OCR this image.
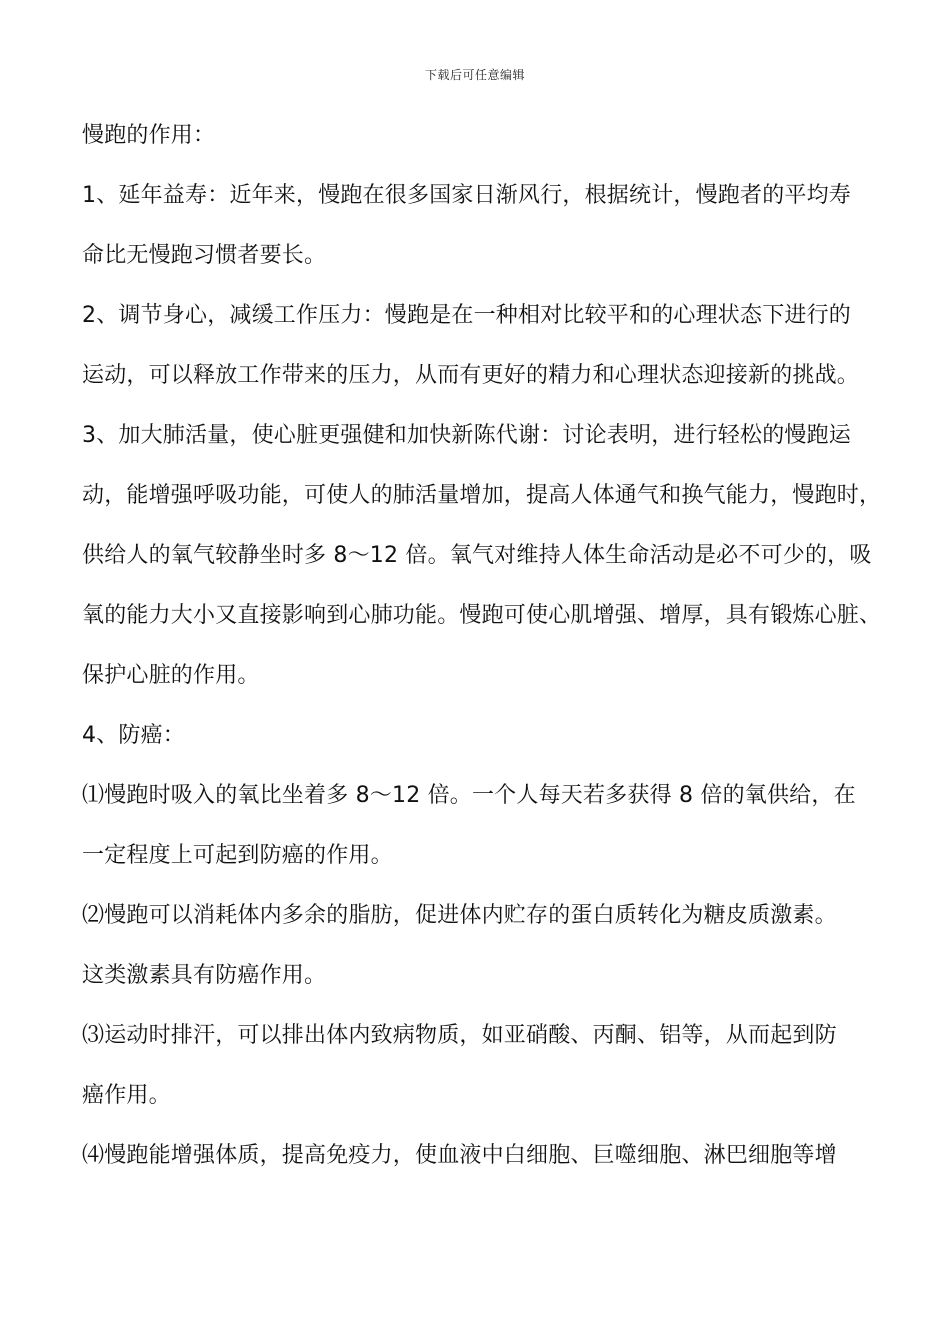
下载后可任意编辑
慢跑的作用：
1、延年益寿：近年来，慢跑在很多国家日渐风行，根据统计，慢跑者的平均寿
命比无慢跑习惯者要长。
2、调节身心，减缓工作压力：慢跑是在一种相对比较平和的心理状态下进行的
运动，可以释放工作带来的压力，从而有更好的精力和心理状态迎接新的挑战。
3、加大肺活量，使心脏更强健和加快新陈代谢：讨论表明，进行轻松的慢跑运
动，能增强呼吸功能，可使人的肺活量增加，提高人体通气和换气能力，慢跑时，
供给人的氧气较静坐时多 8～12 倍。氧气对维持人体生命活动是必不可少的，吸
氧的能力大小又直接影响到心肺功能。慢跑可使心肌增强、增厚，具有锻炼心脏、
保护心脏的作用。
4、防癌：
⑴慢跑时吸入的氧比坐着多 8～12 倍。一个人每天若多获得 8 倍的氧供给，在
一定程度上可起到防癌的作用。
⑵慢跑可以消耗体内多余的脂肪，促进体内贮存的蛋白质转化为糖皮质激素。
这类激素具有防癌作用。
⑶运动时排汗，可以排出体内致病物质，如亚硝酸、丙酮、铝等，从而起到防
癌作用。
⑷慢跑能增强体质，提高免疫力，使血液中白细胞、巨噬细胞、淋巴细胞等增
